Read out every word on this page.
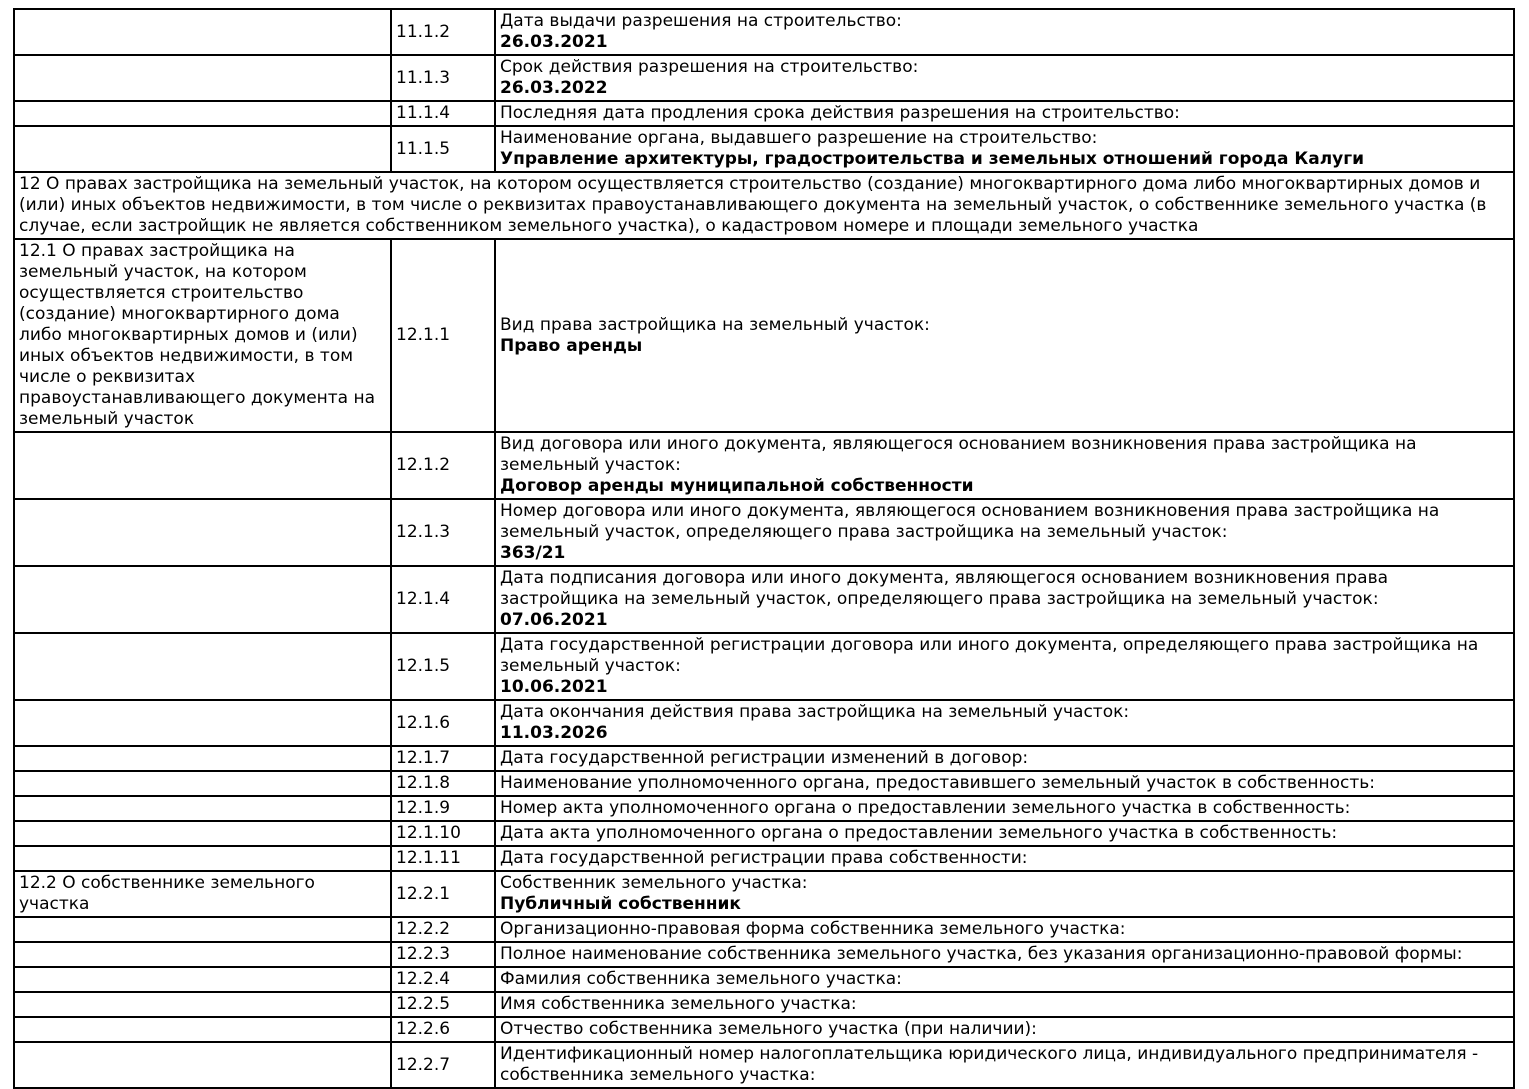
	11.1.2	Дата выдачи разрешения на строительство:
26.03.2021

	11.1.3	Срок действия разрешения на строительство:
26.03.2022

	11.1.4	Последняя дата продления срока действия разрешения на строительство:

	11.1.5	Наименование органа, выдавшего разрешение на строительство:
Управление архитектуры, градостроительства и земельных отношений города Калуги

12 О правах застройщика на земельный участок, на котором осуществляется строительство (создание) многоквартирного дома либо многоквартирных домов и (или) иных объектов недвижимости, в том числе о реквизитах правоустанавливающего документа на земельный участок, о собственнике земельного участка (в случае, если застройщик не является собственником земельного участка), о кадастровом номере и площади земельного участка		
12.1 О правах застройщика на земельный участок, на котором осуществляется строительство (создание) многоквартирного дома либо многоквартирных домов и (или) иных объектов недвижимости, в том числе о реквизитах правоустанавливающего документа на земельный участок	12.1.1	Вид права застройщика на земельный участок:
Право аренды

	12.1.2	Вид договора или иного документа, являющегося основанием возникновения права застройщика на земельный участок:
Договор аренды муниципальной собственности

	12.1.3	Номер договора или иного документа, являющегося основанием возникновения права застройщика на земельный участок, определяющего права застройщика на земельный участок:
363/21

	12.1.4	Дата подписания договора или иного документа, являющегося основанием возникновения права застройщика на земельный участок, определяющего права застройщика на земельный участок:
07.06.2021

	12.1.5	Дата государственной регистрации договора или иного документа, определяющего права застройщика на земельный участок:
10.06.2021

	12.1.6	Дата окончания действия права застройщика на земельный участок:
11.03.2026

	12.1.7	Дата государственной регистрации изменений в договор:

	12.1.8	Наименование уполномоченного органа, предоставившего земельный участок в собственность:

	12.1.9	Номер акта уполномоченного органа о предоставлении земельного участка в собственность:

	12.1.10	Дата акта уполномоченного органа о предоставлении земельного участка в собственность:

	12.1.11	Дата государственной регистрации права собственности:

12.2 О собственнике земельного участка	12.2.1	Собственник земельного участка:
Публичный собственник

	12.2.2	Организационно-правовая форма собственника земельного участка:

	12.2.3	Полное наименование собственника земельного участка, без указания организационно-правовой формы:

	12.2.4	Фамилия собственника земельного участка:

	12.2.5	Имя собственника земельного участка:

	12.2.6	Отчество собственника земельного участка (при наличии):

	12.2.7	Идентификационный номер налогоплательщика юридического лица, индивидуального предпринимателя - собственника земельного участка:
